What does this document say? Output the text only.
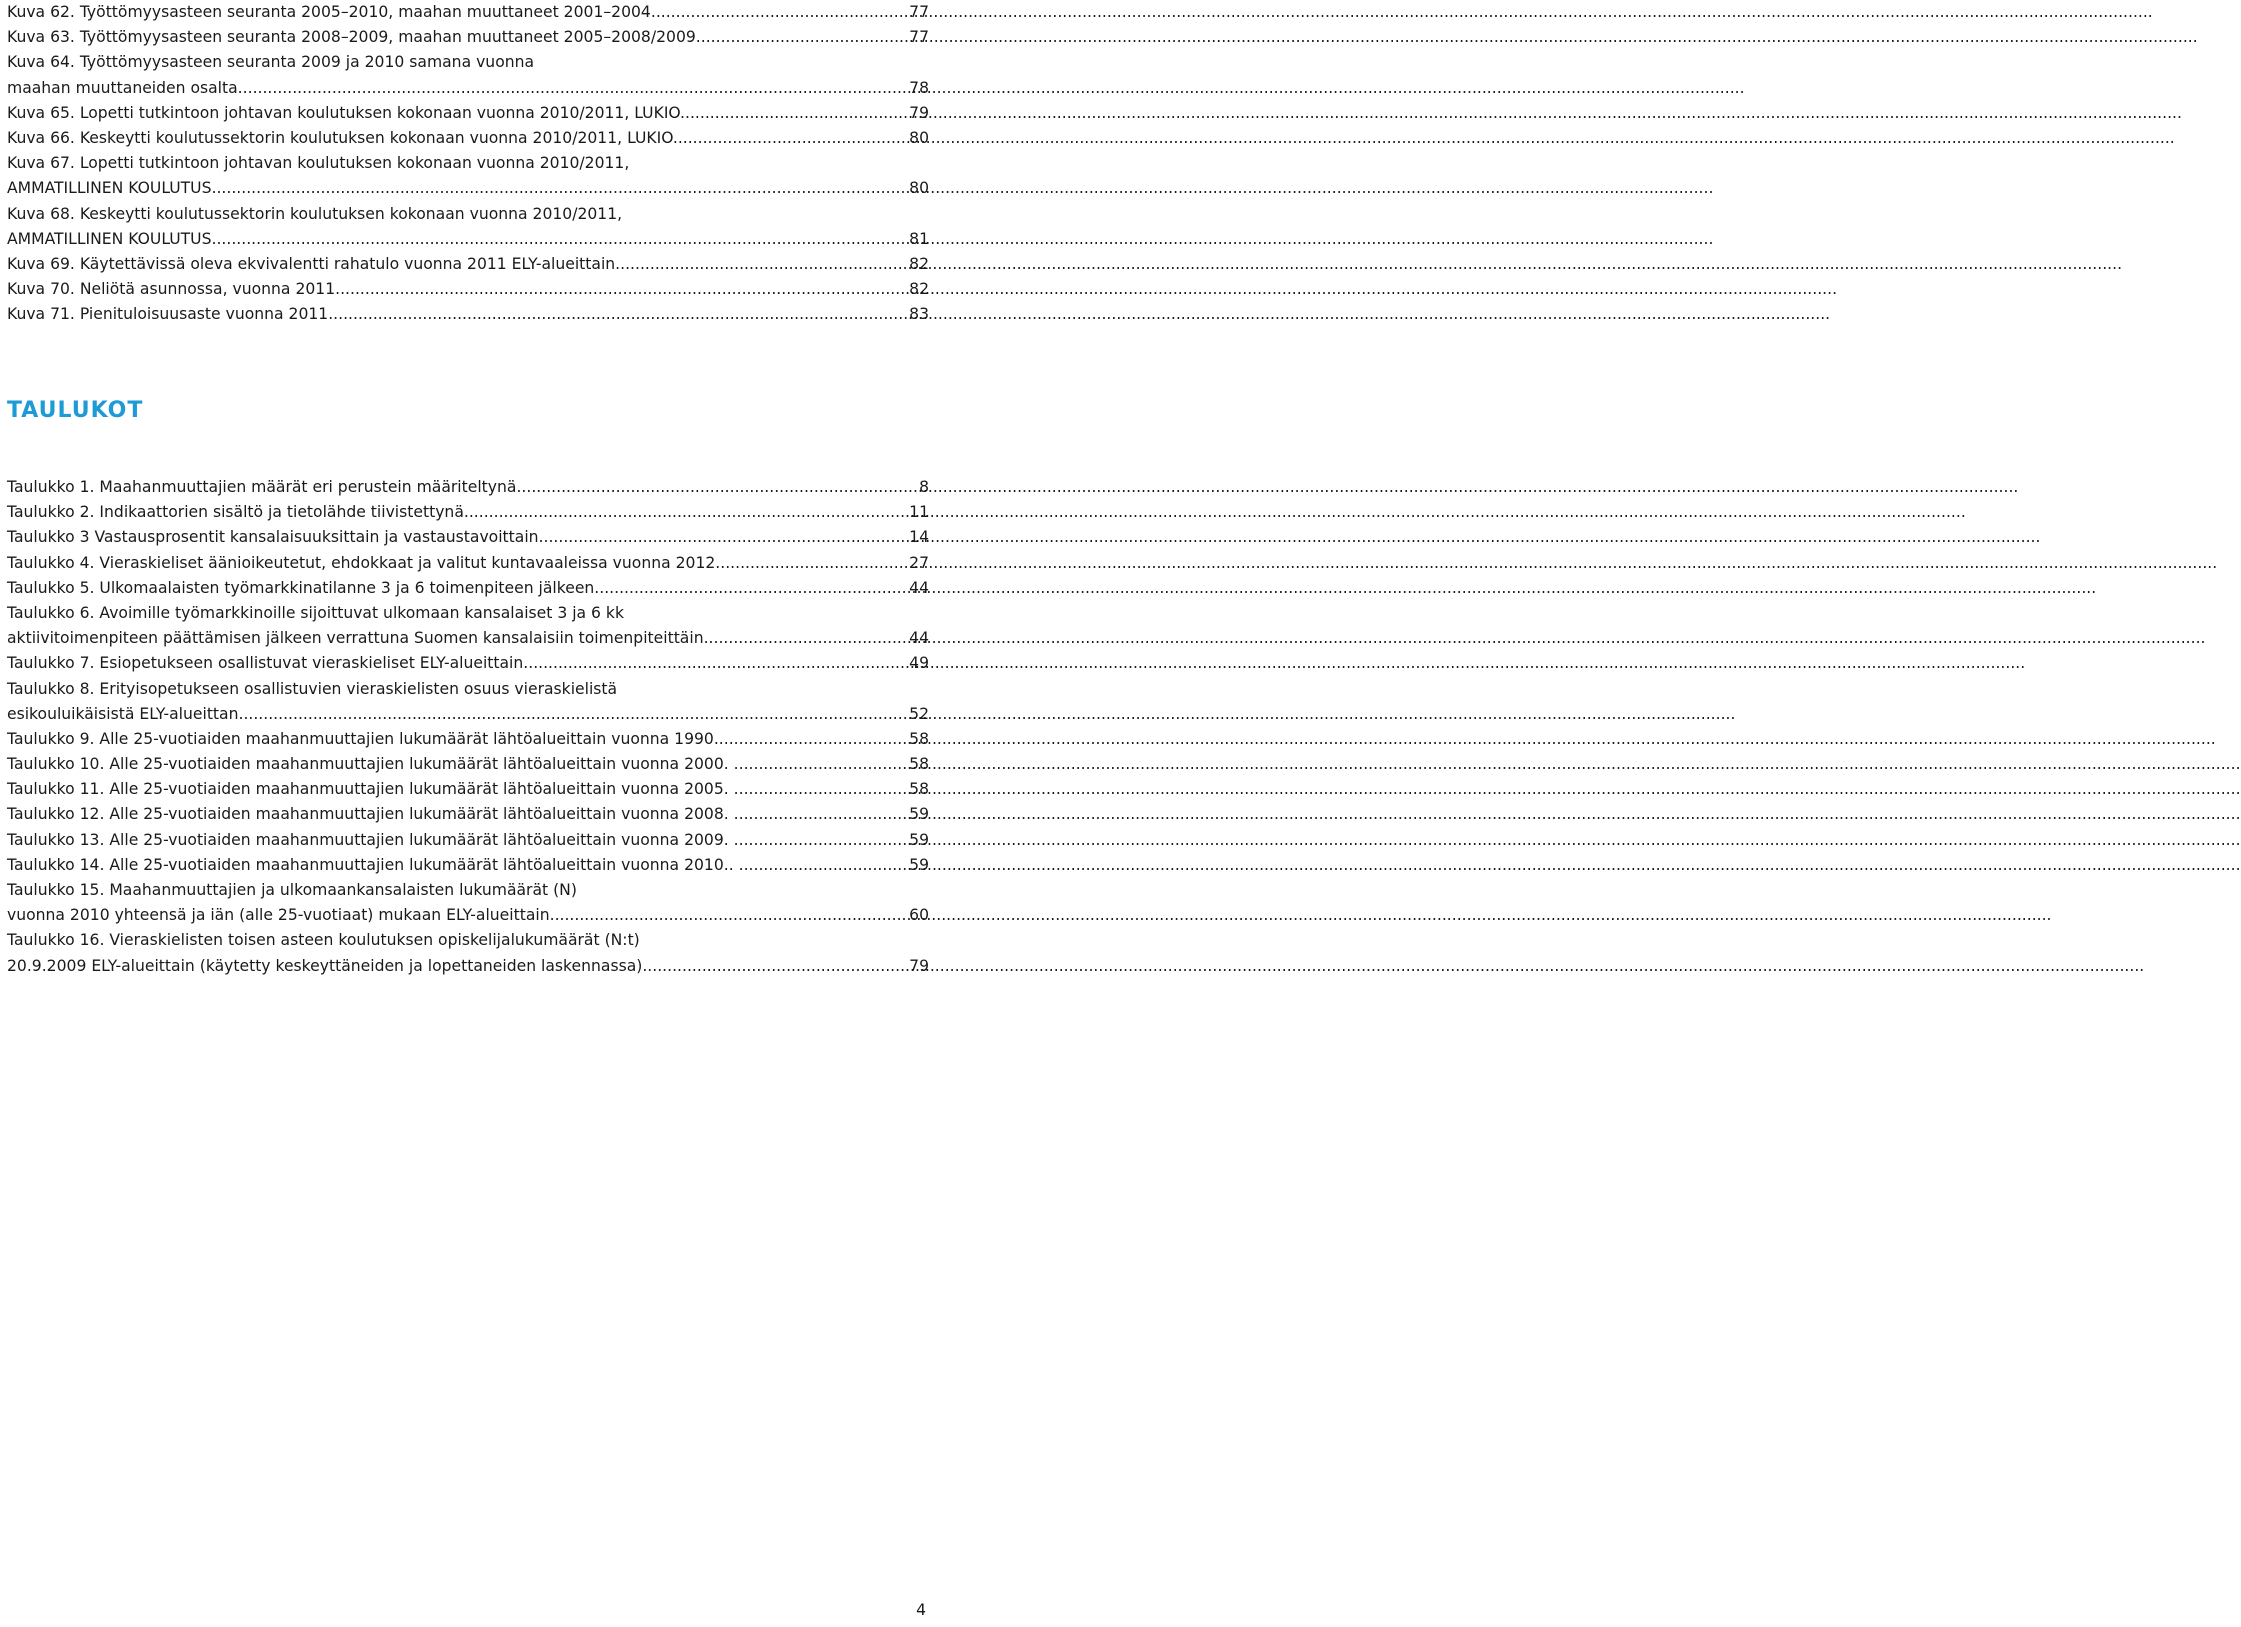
Kuva 62. Työttömyysasteen seuranta 2005–2010, maahan muuttaneet 2001–2004. .....	77
Kuva 63. Työttömyysasteen seuranta 2008–2009, maahan muuttaneet 2005–2008/2009. .....	77
Kuva 64. Työttömyysasteen seuranta 2009 ja 2010 samana vuonna
maahan muuttaneiden osalta.. .....	78
Kuva 65. Lopetti tutkintoon johtavan koulutuksen kokonaan vuonna 2010/2011, LUKIO. .....	79
Kuva 66. Keskeytti koulutussektorin koulutuksen kokonaan vuonna 2010/2011, LUKIO. .....	80
Kuva 67. Lopetti tutkintoon johtavan koulutuksen kokonaan vuonna 2010/2011,
AMMATILLINEN KOULUTUS. .....	80
Kuva 68. Keskeytti koulutussektorin koulutuksen kokonaan vuonna 2010/2011,
AMMATILLINEN KOULUTUS. .....	81
Kuva 69. Käytettävissä oleva ekvivalentti rahatulo vuonna 2011 ELY-alueittain.. .....	82
Kuva 70. Neliötä asunnossa, vuonna 2011. .....	82
Kuva 71. Pienituloisuusaste vuonna 2011. .....	83
TAULUKOT
Taulukko 1. Maahanmuuttajien määrät eri perustein määriteltynä. .....	8
Taulukko 2. Indikaattorien sisältö ja tietolähde tiivistettynä. .....	11
Taulukko 3 Vastausprosentit kansalaisuuksittain ja vastaustavoittain. .....	14
Taulukko 4. Vieraskieliset äänioikeutetut, ehdokkaat ja valitut kuntavaaleissa vuonna 2012. .....	27
Taulukko 5. Ulkomaalaisten työmarkkinatilanne 3 ja 6 toimenpiteen jälkeen. .....	44
Taulukko 6. Avoimille työmarkkinoille sijoittuvat ulkomaan kansalaiset 3 ja 6 kk
aktiivitoimenpiteen päättämisen jälkeen verrattuna Suomen kansalaisiin toimenpiteittäin. .....	44
Taulukko 7. Esiopetukseen osallistuvat vieraskieliset ELY-alueittain. .....	49
Taulukko 8. Erityisopetukseen osallistuvien vieraskielisten osuus vieraskielistä
esikouluikäisistä ELY-alueittan .....	52
Taulukko 9. Alle 25-vuotiaiden maahanmuuttajien lukumäärät lähtöalueittain vuonna 1990. .....	58
Taulukko 10. Alle 25-vuotiaiden maahanmuuttajien lukumäärät lähtöalueittain vuonna 2000. .. .....	58
Taulukko 11. Alle 25-vuotiaiden maahanmuuttajien lukumäärät lähtöalueittain vuonna 2005. .. .....	58
Taulukko 12. Alle 25-vuotiaiden maahanmuuttajien lukumäärät lähtöalueittain vuonna 2008. .. .....	59
Taulukko 13. Alle 25-vuotiaiden maahanmuuttajien lukumäärät lähtöalueittain vuonna 2009. .. .....	59
Taulukko 14. Alle 25-vuotiaiden maahanmuuttajien lukumäärät lähtöalueittain vuonna 2010.. . .....	59
Taulukko 15. Maahanmuuttajien ja ulkomaankansalaisten lukumäärät (N)
vuonna 2010 yhteensä ja iän (alle 25-vuotiaat) mukaan ELY-alueittain. .....	60
Taulukko 16. Vieraskielisten toisen asteen koulutuksen opiskelijalukumäärät (N:t)
20.9.2009 ELY-alueittain (käytetty keskeyttäneiden ja lopettaneiden laskennassa). .....	79
4
